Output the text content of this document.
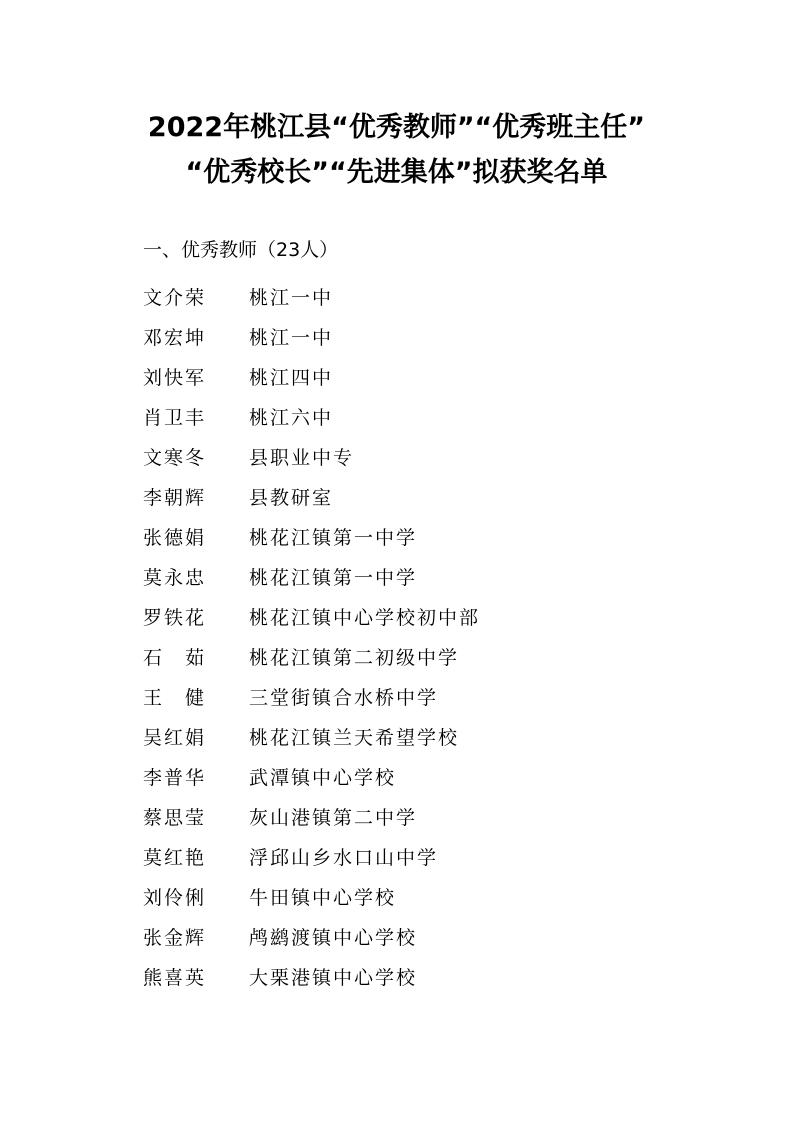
2022年桃江县“优秀教师”“优秀班主任”
“优秀校长”“先进集体”拟获奖名单
一、优秀教师（23人）
文介荣	桃江一中
邓宏坤	桃江一中
刘快军	桃江四中
肖卫丰	桃江六中
文寒冬	县职业中专
李朝辉	县教研室
张德娟	桃花江镇第一中学
莫永忠	桃花江镇第一中学
罗铁花	桃花江镇中心学校初中部
石　茹	桃花江镇第二初级中学
王　健	三堂街镇合水桥中学
吴红娟	桃花江镇兰天希望学校
李普华	武潭镇中心学校
蔡思莹	灰山港镇第二中学
莫红艳	浮邱山乡水口山中学
刘伶俐	牛田镇中心学校
张金辉	鸬鹚渡镇中心学校
熊喜英	大栗港镇中心学校
